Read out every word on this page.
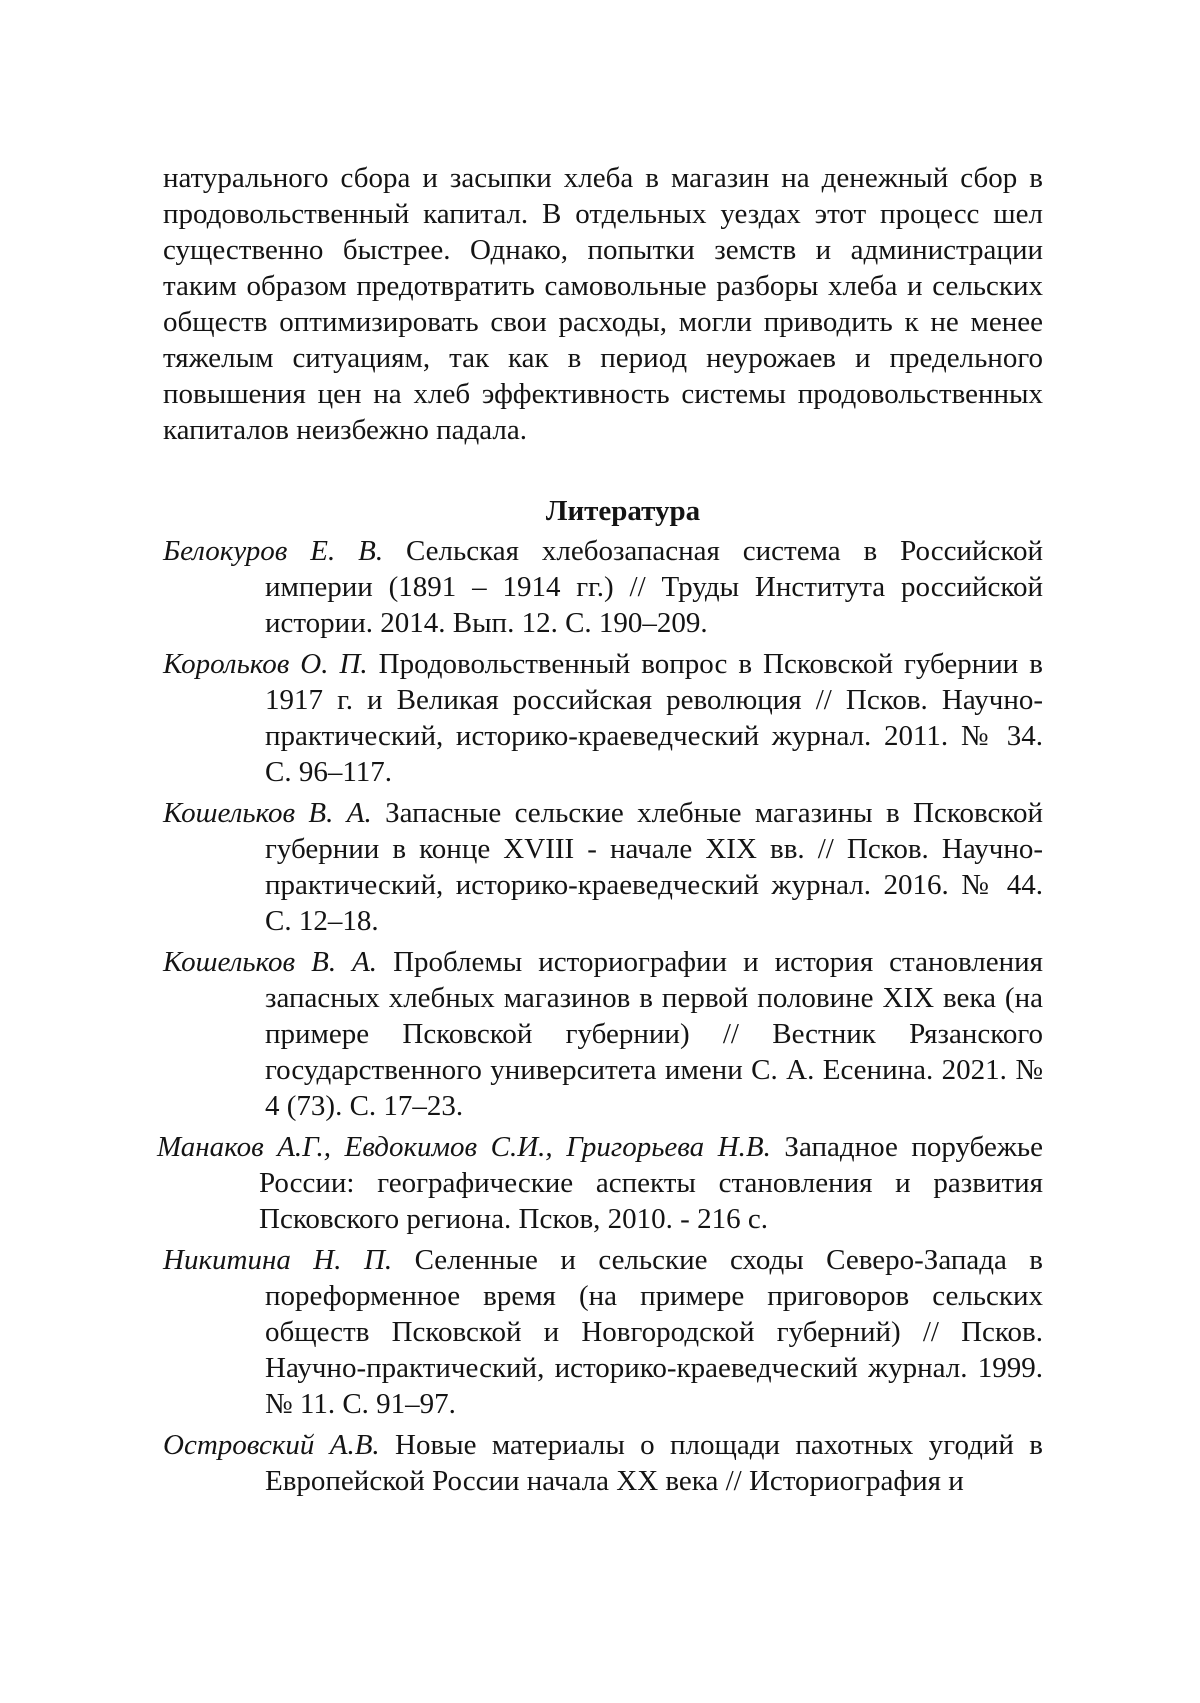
натурального сбора и засыпки хлеба в магазин на денежный сбор в продовольственный капитал. В отдельных уездах этот процесс шел существенно быстрее. Однако, попытки земств и администрации таким образом предотвратить самовольные разборы хлеба и сельских обществ оптимизировать свои расходы, могли приводить к не менее тяжелым ситуациям, так как в период неурожаев и предельного повышения цен на хлеб эффективность системы продовольственных капиталов неизбежно падала.

Литература
Белокуров Е. В. Сельская хлебозапасная система в Российской империи (1891 – 1914 гг.) // Труды Института российской истории. 2014. Вып. 12. С. 190–209.
Корольков О. П. Продовольственный вопрос в Псковской губернии в 1917 г. и Великая российская революция // Псков. Научно-практический, историко-краеведческий журнал. 2011. № 34. С. 96–117.
Кошельков В. А. Запасные сельские хлебные магазины в Псковской губернии в конце XVIII - начале XIX вв. // Псков. Научно-практический, историко-краеведческий журнал. 2016. № 44. С. 12–18.
Кошельков В. А. Проблемы историографии и история становления запасных хлебных магазинов в первой половине XIX века (на примере Псковской губернии) // Вестник Рязанского государственного университета имени С. А. Есенина. 2021. № 4 (73). С. 17–23.
Манаков А.Г., Евдокимов С.И., Григорьева Н.В. Западное порубежье России: географические аспекты становления и развития Псковского региона. Псков, 2010. - 216 с.
Никитина Н. П. Селенные и сельские сходы Северо-Запада в пореформенное время (на примере приговоров сельских обществ Псковской и Новгородской губерний) // Псков. Научно-практический, историко-краеведческий журнал. 1999. № 11. С. 91–97.
Островский А.В. Новые материалы о площади пахотных угодий в Европейской России начала XX века // Историография и
